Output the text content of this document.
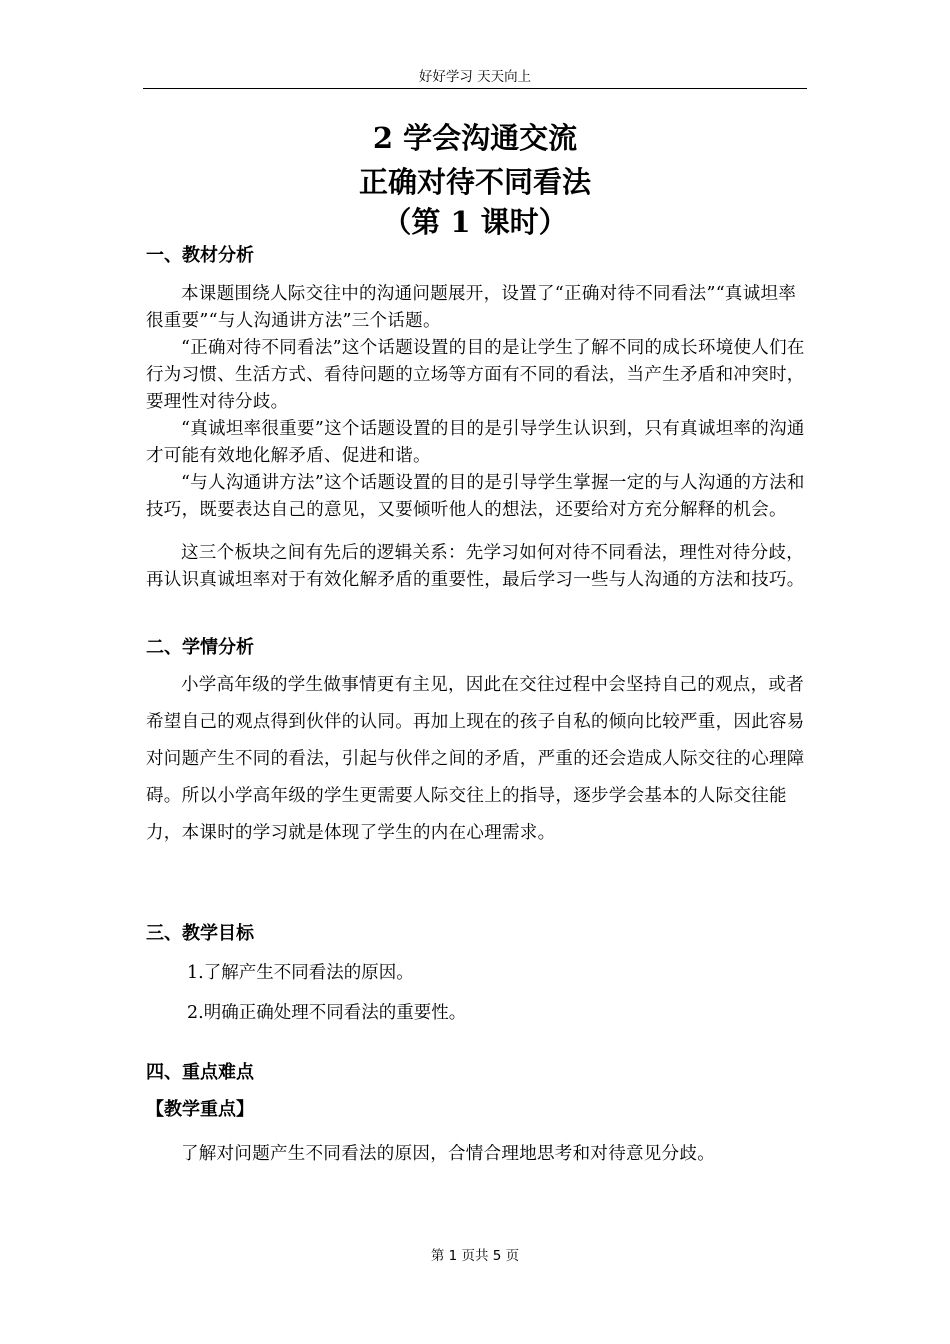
好好学习 天天向上
2 学会沟通交流
正确对待不同看法
（第 1 课时）
一、教材分析
本课题围绕人际交往中的沟通问题展开，设置了“正确对待不同看法”“真诚坦率很重要”“与人沟通讲方法”三个话题。
“正确对待不同看法”这个话题设置的目的是让学生了解不同的成长环境使人们在行为习惯、生活方式、看待问题的立场等方面有不同的看法，当产生矛盾和冲突时，要理性对待分歧。
“真诚坦率很重要”这个话题设置的目的是引导学生认识到，只有真诚坦率的沟通才可能有效地化解矛盾、促进和谐。
“与人沟通讲方法”这个话题设置的目的是引导学生掌握一定的与人沟通的方法和技巧，既要表达自己的意见，又要倾听他人的想法，还要给对方充分解释的机会。
这三个板块之间有先后的逻辑关系：先学习如何对待不同看法，理性对待分歧，再认识真诚坦率对于有效化解矛盾的重要性，最后学习一些与人沟通的方法和技巧。
二、学情分析
小学高年级的学生做事情更有主见，因此在交往过程中会坚持自己的观点，或者希望自己的观点得到伙伴的认同。再加上现在的孩子自私的倾向比较严重，因此容易对问题产生不同的看法，引起与伙伴之间的矛盾，严重的还会造成人际交往的心理障碍。所以小学高年级的学生更需要人际交往上的指导，逐步学会基本的人际交往能力，本课时的学习就是体现了学生的内在心理需求。
三、教学目标
1.了解产生不同看法的原因。
2.明确正确处理不同看法的重要性。
四、重点难点
【教学重点】
了解对问题产生不同看法的原因，合情合理地思考和对待意见分歧。
第 1 页共 5 页
